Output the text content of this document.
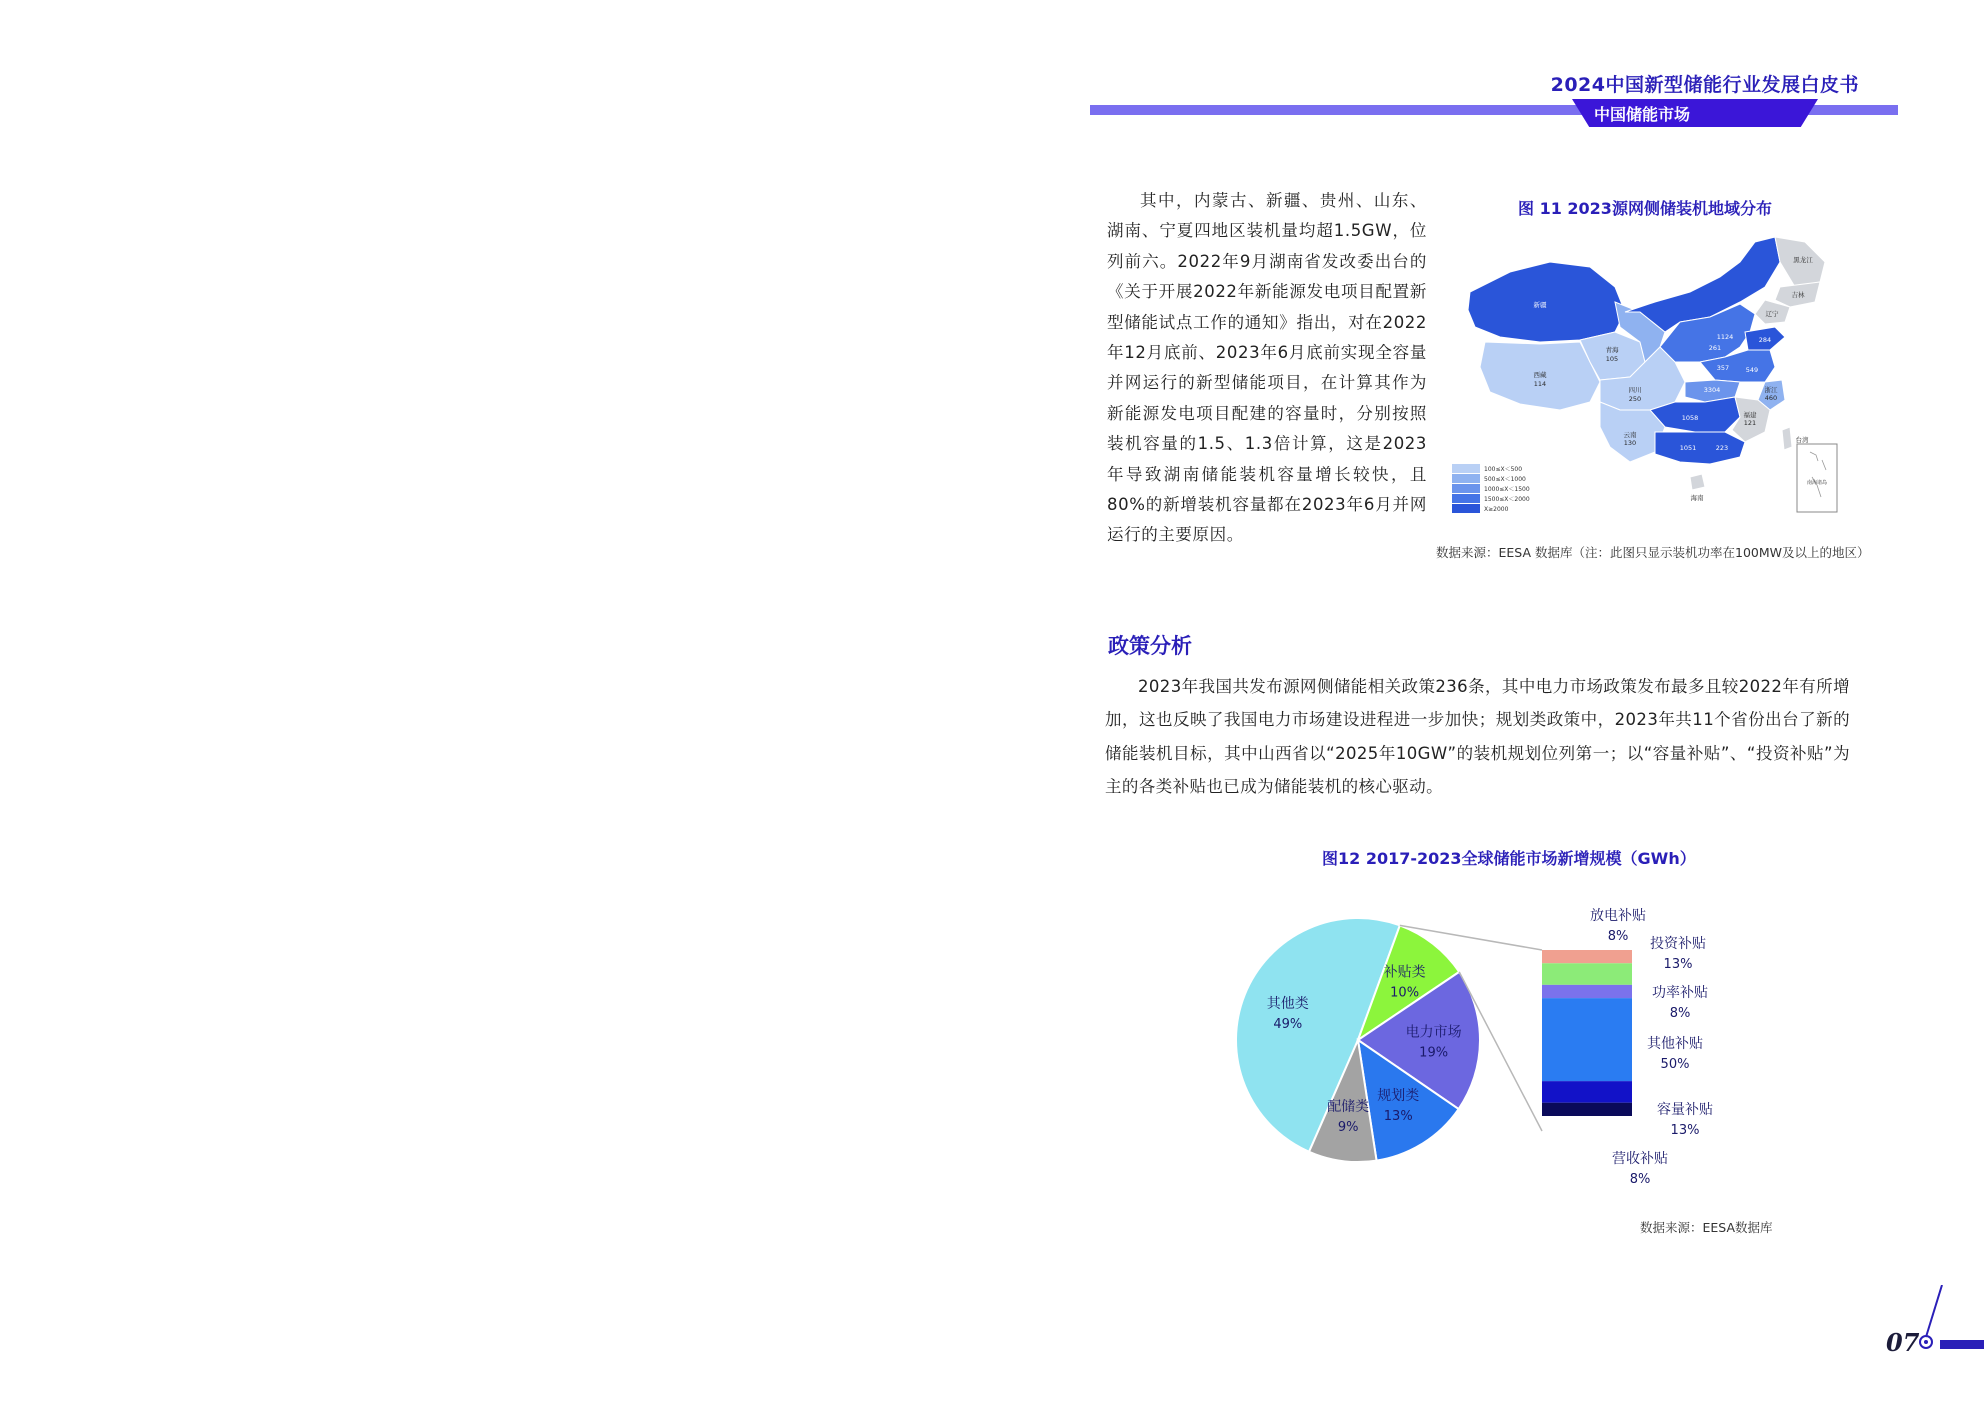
2024中国新型储能行业发展白皮书
中国储能市场
其中，内蒙古、新疆、贵州、山东、湖南、宁夏四地区装机量均超1.5GW，位列前六。2022年9月湖南省发改委出台的《关于开展2022年新能源发电项目配置新型储能试点工作的通知》指出，对在2022年12月底前、2023年6月底前实现全容量并网运行的新型储能项目，在计算其作为新能源发电项目配建的容量时，分别按照装机容量的1.5、1.3倍计算，这是2023年导致湖南储能装机容量增长较快，且80%的新增装机容量都在2023年6月并网运行的主要原因。
图 11 2023源网侧储装机地域分布
新疆
西藏
114
青海
105
四川
250
云南
130
浙江
460
福建
121
黑龙江
吉林
辽宁
海南
台湾
1124
261
284
357	549
3304
1058
1051	223
100≤X＜500
500≤X＜1000
1000≤X＜1500
1500≤X＜2000
X≥2000
南海诸岛
数据来源：EESA 数据库（注：此图只显示装机功率在100MW及以上的地区）
政策分析
2023年我国共发布源网侧储能相关政策236条，其中电力市场政策发布最多且较2022年有所增加，这也反映了我国电力市场建设进程进一步加快；规划类政策中，2023年共11个省份出台了新的储能装机目标，其中山西省以“2025年10GW”的装机规划位列第一；以“容量补贴”、“投资补贴”为主的各类补贴也已成为储能装机的核心驱动。
图12 2017-2023全球储能市场新增规模（GWh）
其他类
49%
补贴类
10%
电力市场
19%
规划类
13%
配储类
9%
放电补贴
8% 投资补贴
13%
功率补贴
8%
其他补贴
50%
容量补贴
13%
营收补贴
8%
数据来源：EESA数据库
07
